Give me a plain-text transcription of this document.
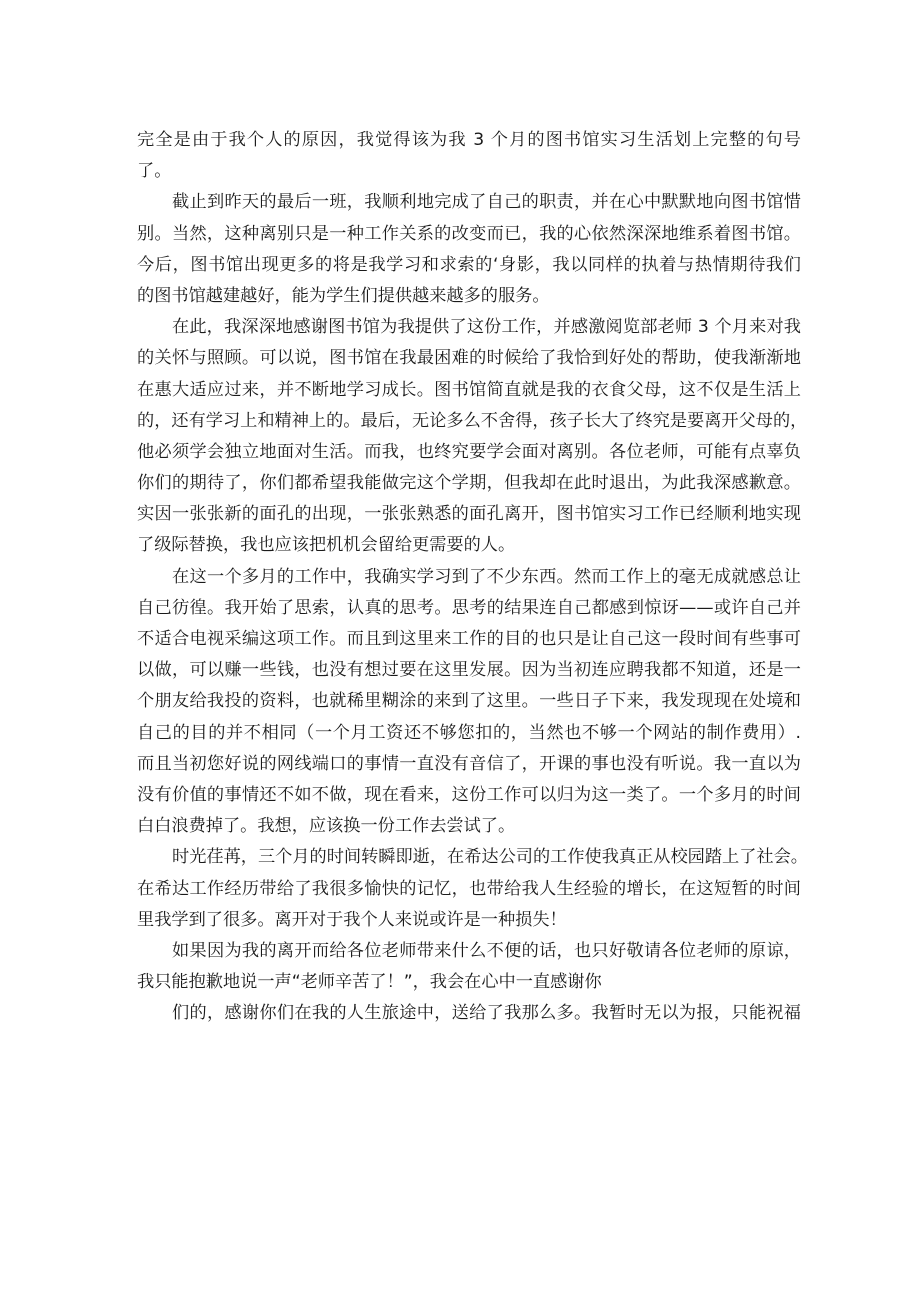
完全是由于我个人的原因，我觉得该为我 3 个月的图书馆实习生活划上完整的句号
了。
截止到昨天的最后一班，我顺利地完成了自己的职责，并在心中默默地向图书馆惜
别。当然，这种离别只是一种工作关系的改变而已，我的心依然深深地维系着图书馆。
今后，图书馆出现更多的将是我学习和求索的‘身影，我以同样的执着与热情期待我们
的图书馆越建越好，能为学生们提供越来越多的服务。
在此，我深深地感谢图书馆为我提供了这份工作，并感激阅览部老师 3 个月来对我
的关怀与照顾。可以说，图书馆在我最困难的时候给了我恰到好处的帮助，使我渐渐地
在惠大适应过来，并不断地学习成长。图书馆简直就是我的衣食父母，这不仅是生活上
的，还有学习上和精神上的。最后，无论多么不舍得，孩子长大了终究是要离开父母的，
他必须学会独立地面对生活。而我，也终究要学会面对离别。各位老师，可能有点辜负
你们的期待了，你们都希望我能做完这个学期，但我却在此时退出，为此我深感歉意。
实因一张张新的面孔的出现，一张张熟悉的面孔离开，图书馆实习工作已经顺利地实现
了级际替换，我也应该把机机会留给更需要的人。
在这一个多月的工作中，我确实学习到了不少东西。然而工作上的毫无成就感总让
自己彷徨。我开始了思索，认真的思考。思考的结果连自己都感到惊讶——或许自己并
不适合电视采编这项工作。而且到这里来工作的目的也只是让自己这一段时间有些事可
以做，可以赚一些钱，也没有想过要在这里发展。因为当初连应聘我都不知道，还是一
个朋友给我投的资料，也就稀里糊涂的来到了这里。一些日子下来，我发现现在处境和
自己的目的并不相同（一个月工资还不够您扣的，当然也不够一个网站的制作费用）.
而且当初您好说的网线端口的事情一直没有音信了，开课的事也没有听说。我一直以为
没有价值的事情还不如不做，现在看来，这份工作可以归为这一类了。一个多月的时间
白白浪费掉了。我想，应该换一份工作去尝试了。
时光荏苒，三个月的时间转瞬即逝，在希达公司的工作使我真正从校园踏上了社会。
在希达工作经历带给了我很多愉快的记忆，也带给我人生经验的增长，在这短暂的时间
里我学到了很多。离开对于我个人来说或许是一种损失！
如果因为我的离开而给各位老师带来什么不便的话，也只好敬请各位老师的原谅，
我只能抱歉地说一声“老师辛苦了！”，我会在心中一直感谢你
们的，感谢你们在我的人生旅途中，送给了我那么多。我暂时无以为报，只能祝福
